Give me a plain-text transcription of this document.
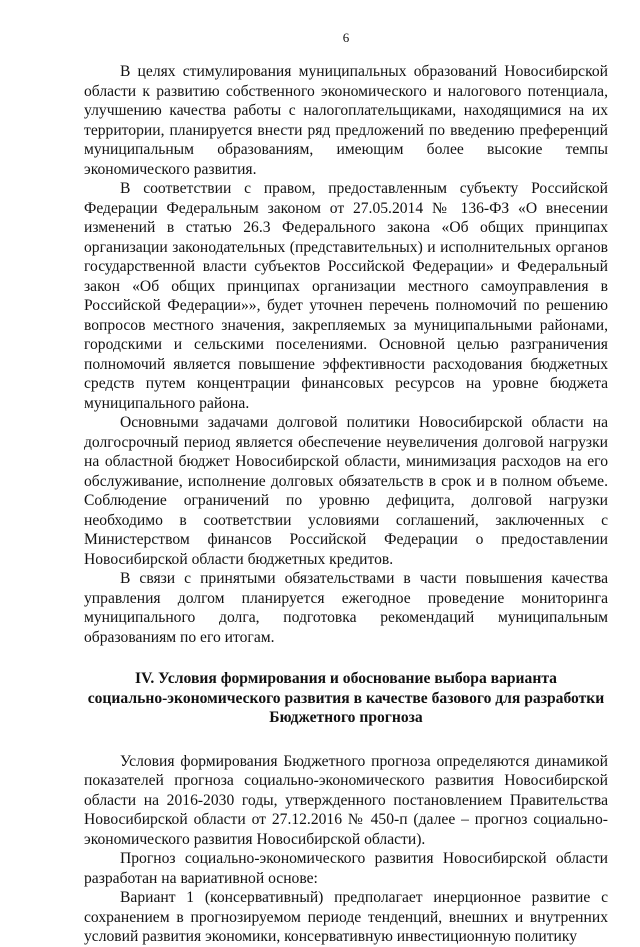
6

В целях стимулирования муниципальных образований Новосибирской области к развитию собственного экономического и налогового потенциала, улучшению качества работы с налогоплательщиками, находящимися на их территории, планируется внести ряд предложений по введению преференций муниципальным образованиям, имеющим более высокие темпы экономического развития.

В соответствии с правом, предоставленным субъекту Российской Федерации Федеральным законом от 27.05.2014 № 136-ФЗ «О внесении изменений в статью 26.3 Федерального закона «Об общих принципах организации законодательных (представительных) и исполнительных органов государственной власти субъектов Российской Федерации» и Федеральный закон «Об общих принципах организации местного самоуправления в Российской Федерации»», будет уточнен перечень полномочий по решению вопросов местного значения, закрепляемых за муниципальными районами, городскими и сельскими поселениями. Основной целью разграничения полномочий является повышение эффективности расходования бюджетных средств путем концентрации финансовых ресурсов на уровне бюджета муниципального района.

Основными задачами долговой политики Новосибирской области на долгосрочный период является обеспечение неувеличения долговой нагрузки на областной бюджет Новосибирской области, минимизация расходов на его обслуживание, исполнение долговых обязательств в срок и в полном объеме. Соблюдение ограничений по уровню дефицита, долговой нагрузки необходимо в соответствии условиями соглашений, заключенных с Министерством финансов Российской Федерации о предоставлении Новосибирской области бюджетных кредитов.

В связи с принятыми обязательствами в части повышения качества управления долгом планируется ежегодное проведение мониторинга муниципального долга, подготовка рекомендаций муниципальным образованиям по его итогам.

IV. Условия формирования и обоснование выбора варианта
социально-экономического развития в качестве базового для разработки
Бюджетного прогноза

Условия формирования Бюджетного прогноза определяются динамикой показателей прогноза социально-экономического развития Новосибирской области на 2016-2030 годы, утвержденного постановлением Правительства Новосибирской области от 27.12.2016 № 450-п (далее – прогноз социально-экономического развития Новосибирской области).

Прогноз социально-экономического развития Новосибирской области разработан на вариативной основе:

Вариант 1 (консервативный) предполагает инерционное развитие с сохранением в прогнозируемом периоде тенденций, внешних и внутренних условий развития экономики, консервативную инвестиционную политику
